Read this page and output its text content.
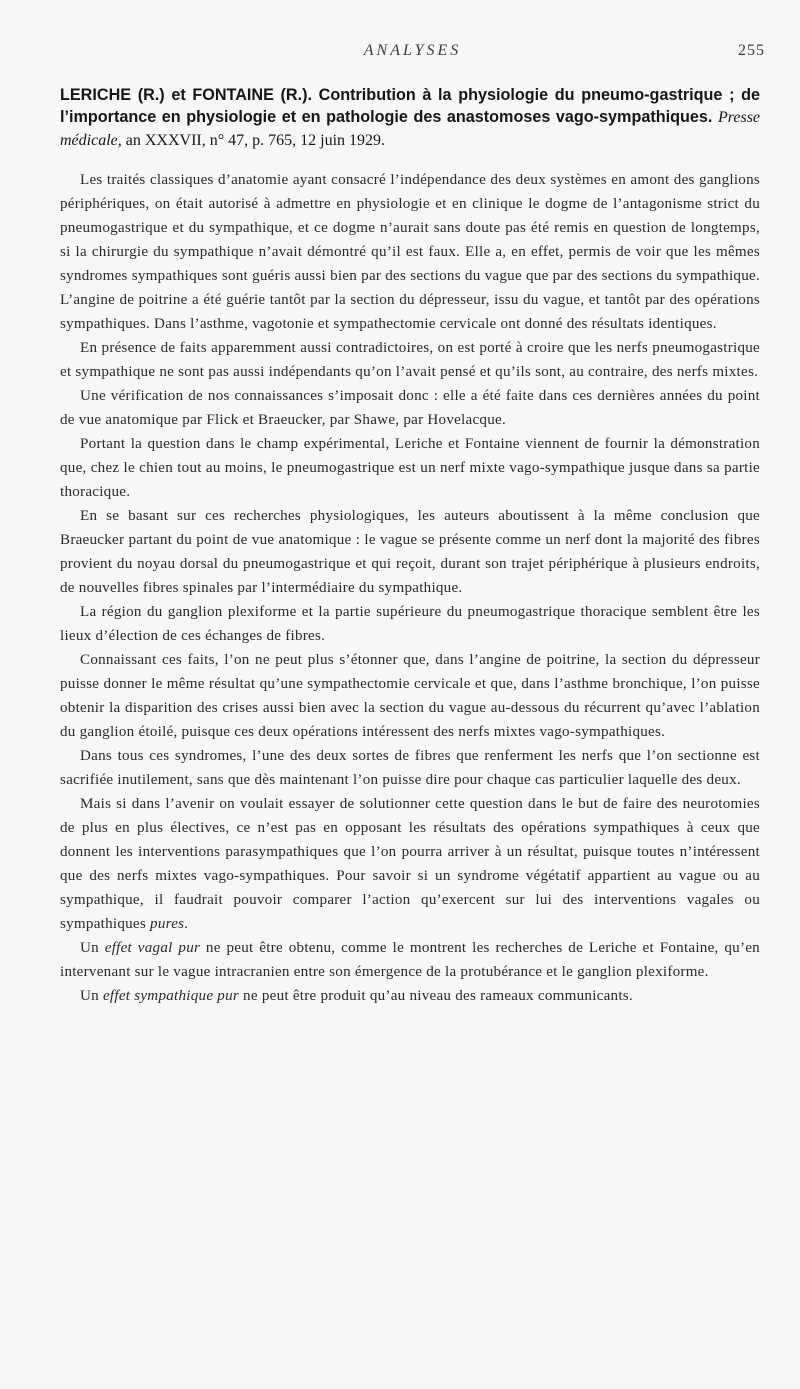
ANALYSES	255
LERICHE (R.) et FONTAINE (R.). Contribution à la physiologie du pneumo-gastrique ; de l’importance en physiologie et en pathologie des anastomoses vago-sympathiques. Presse médicale, an XXXVII, n° 47, p. 765, 12 juin 1929.

Les traités classiques d’anatomie ayant consacré l’indépendance des deux systèmes en amont des ganglions périphériques, on était autorisé à admettre en physiologie et en clinique le dogme de l’antagonisme strict du pneumogastrique et du sympathique, et ce dogme n’aurait sans doute pas été remis en question de longtemps, si la chirurgie du sympathique n’avait démontré qu’il est faux. Elle a, en effet, permis de voir que les mêmes syndromes sympathiques sont guéris aussi bien par des sections du vague que par des sections du sympathique. L’angine de poitrine a été guérie tantôt par la section du dépresseur, issu du vague, et tantôt par des opérations sympathiques. Dans l’asthme, vagotonie et sympathectomie cervicale ont donné des résultats identiques.

En présence de faits apparemment aussi contradictoires, on est porté à croire que les nerfs pneumogastrique et sympathique ne sont pas aussi indépendants qu’on l’avait pensé et qu’ils sont, au contraire, des nerfs mixtes.

Une vérification de nos connaissances s’imposait donc : elle a été faite dans ces dernières années du point de vue anatomique par Flick et Braeucker, par Shawe, par Hovelacque.

Portant la question dans le champ expérimental, Leriche et Fontaine viennent de fournir la démonstration que, chez le chien tout au moins, le pneumogastrique est un nerf mixte vago-sympathique jusque dans sa partie thoracique.

En se basant sur ces recherches physiologiques, les auteurs aboutissent à la même conclusion que Braeucker partant du point de vue anatomique : le vague se présente comme un nerf dont la majorité des fibres provient du noyau dorsal du pneumogastrique et qui reçoit, durant son trajet périphérique à plusieurs endroits, de nouvelles fibres spinales par l’intermédiaire du sympathique.

La région du ganglion plexiforme et la partie supérieure du pneumogastrique thoracique semblent être les lieux d’élection de ces échanges de fibres.

Connaissant ces faits, l’on ne peut plus s’étonner que, dans l’angine de poitrine, la section du dépresseur puisse donner le même résultat qu’une sympathectomie cervicale et que, dans l’asthme bronchique, l’on puisse obtenir la disparition des crises aussi bien avec la section du vague au-dessous du récurrent qu’avec l’ablation du ganglion étoilé, puisque ces deux opérations intéressent des nerfs mixtes vago-sympathiques.

Dans tous ces syndromes, l’une des deux sortes de fibres que renferment les nerfs que l’on sectionne est sacrifiée inutilement, sans que dès maintenant l’on puisse dire pour chaque cas particulier laquelle des deux.

Mais si dans l’avenir on voulait essayer de solutionner cette question dans le but de faire des neurotomies de plus en plus électives, ce n’est pas en opposant les résultats des opérations sympathiques à ceux que donnent les interventions parasympathiques que l’on pourra arriver à un résultat, puisque toutes n’intéressent que des nerfs mixtes vago-sympathiques. Pour savoir si un syndrome végétatif appartient au vague ou au sympathique, il faudrait pouvoir comparer l’action qu’exercent sur lui des interventions vagales ou sympathiques pures.

Un effet vagal pur ne peut être obtenu, comme le montrent les recherches de Leriche et Fontaine, qu’en intervenant sur le vague intracranien entre son émergence de la protubérance et le ganglion plexiforme.

Un effet sympathique pur ne peut être produit qu’au niveau des rameaux communicants.
